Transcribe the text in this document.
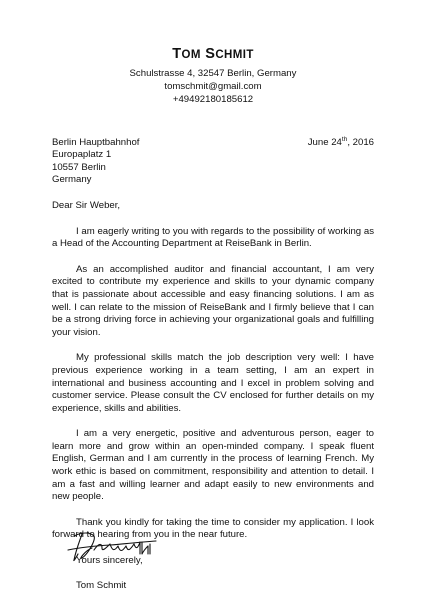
TOM SCHMIT
Schulstrasse 4, 32547 Berlin, Germany
tomschmit@gmail.com
+49492180185612
Berlin Hauptbahnhof
Europaplatz 1
10557 Berlin
Germany
June 24th, 2016
Dear Sir Weber,

I am eagerly writing to you with regards to the possibility of working as a Head of the Accounting Department at ReiseBank in Berlin.

As an accomplished auditor and financial accountant, I am very excited to contribute my experience and skills to your dynamic company that is passionate about accessible and easy financing solutions. I am as well. I can relate to the mission of ReiseBank and I firmly believe that I can be a strong driving force in achieving your organizational goals and fulfilling your vision.

My professional skills match the job description very well: I have previous experience working in a team setting, I am an expert in international and business accounting and I excel in problem solving and customer service. Please consult the CV enclosed for further details on my experience, skills and abilities.

I am a very energetic, positive and adventurous person, eager to learn more and grow within an open-minded company. I speak fluent English, German and I am currently in the process of learning French. My work ethic is based on commitment, responsibility and attention to detail. I am a fast and willing learner and adapt easily to new environments and new people.

Thank you kindly for taking the time to consider my application. I look forward to hearing from you in the near future.

Yours sincerely,
Tom Schmit
